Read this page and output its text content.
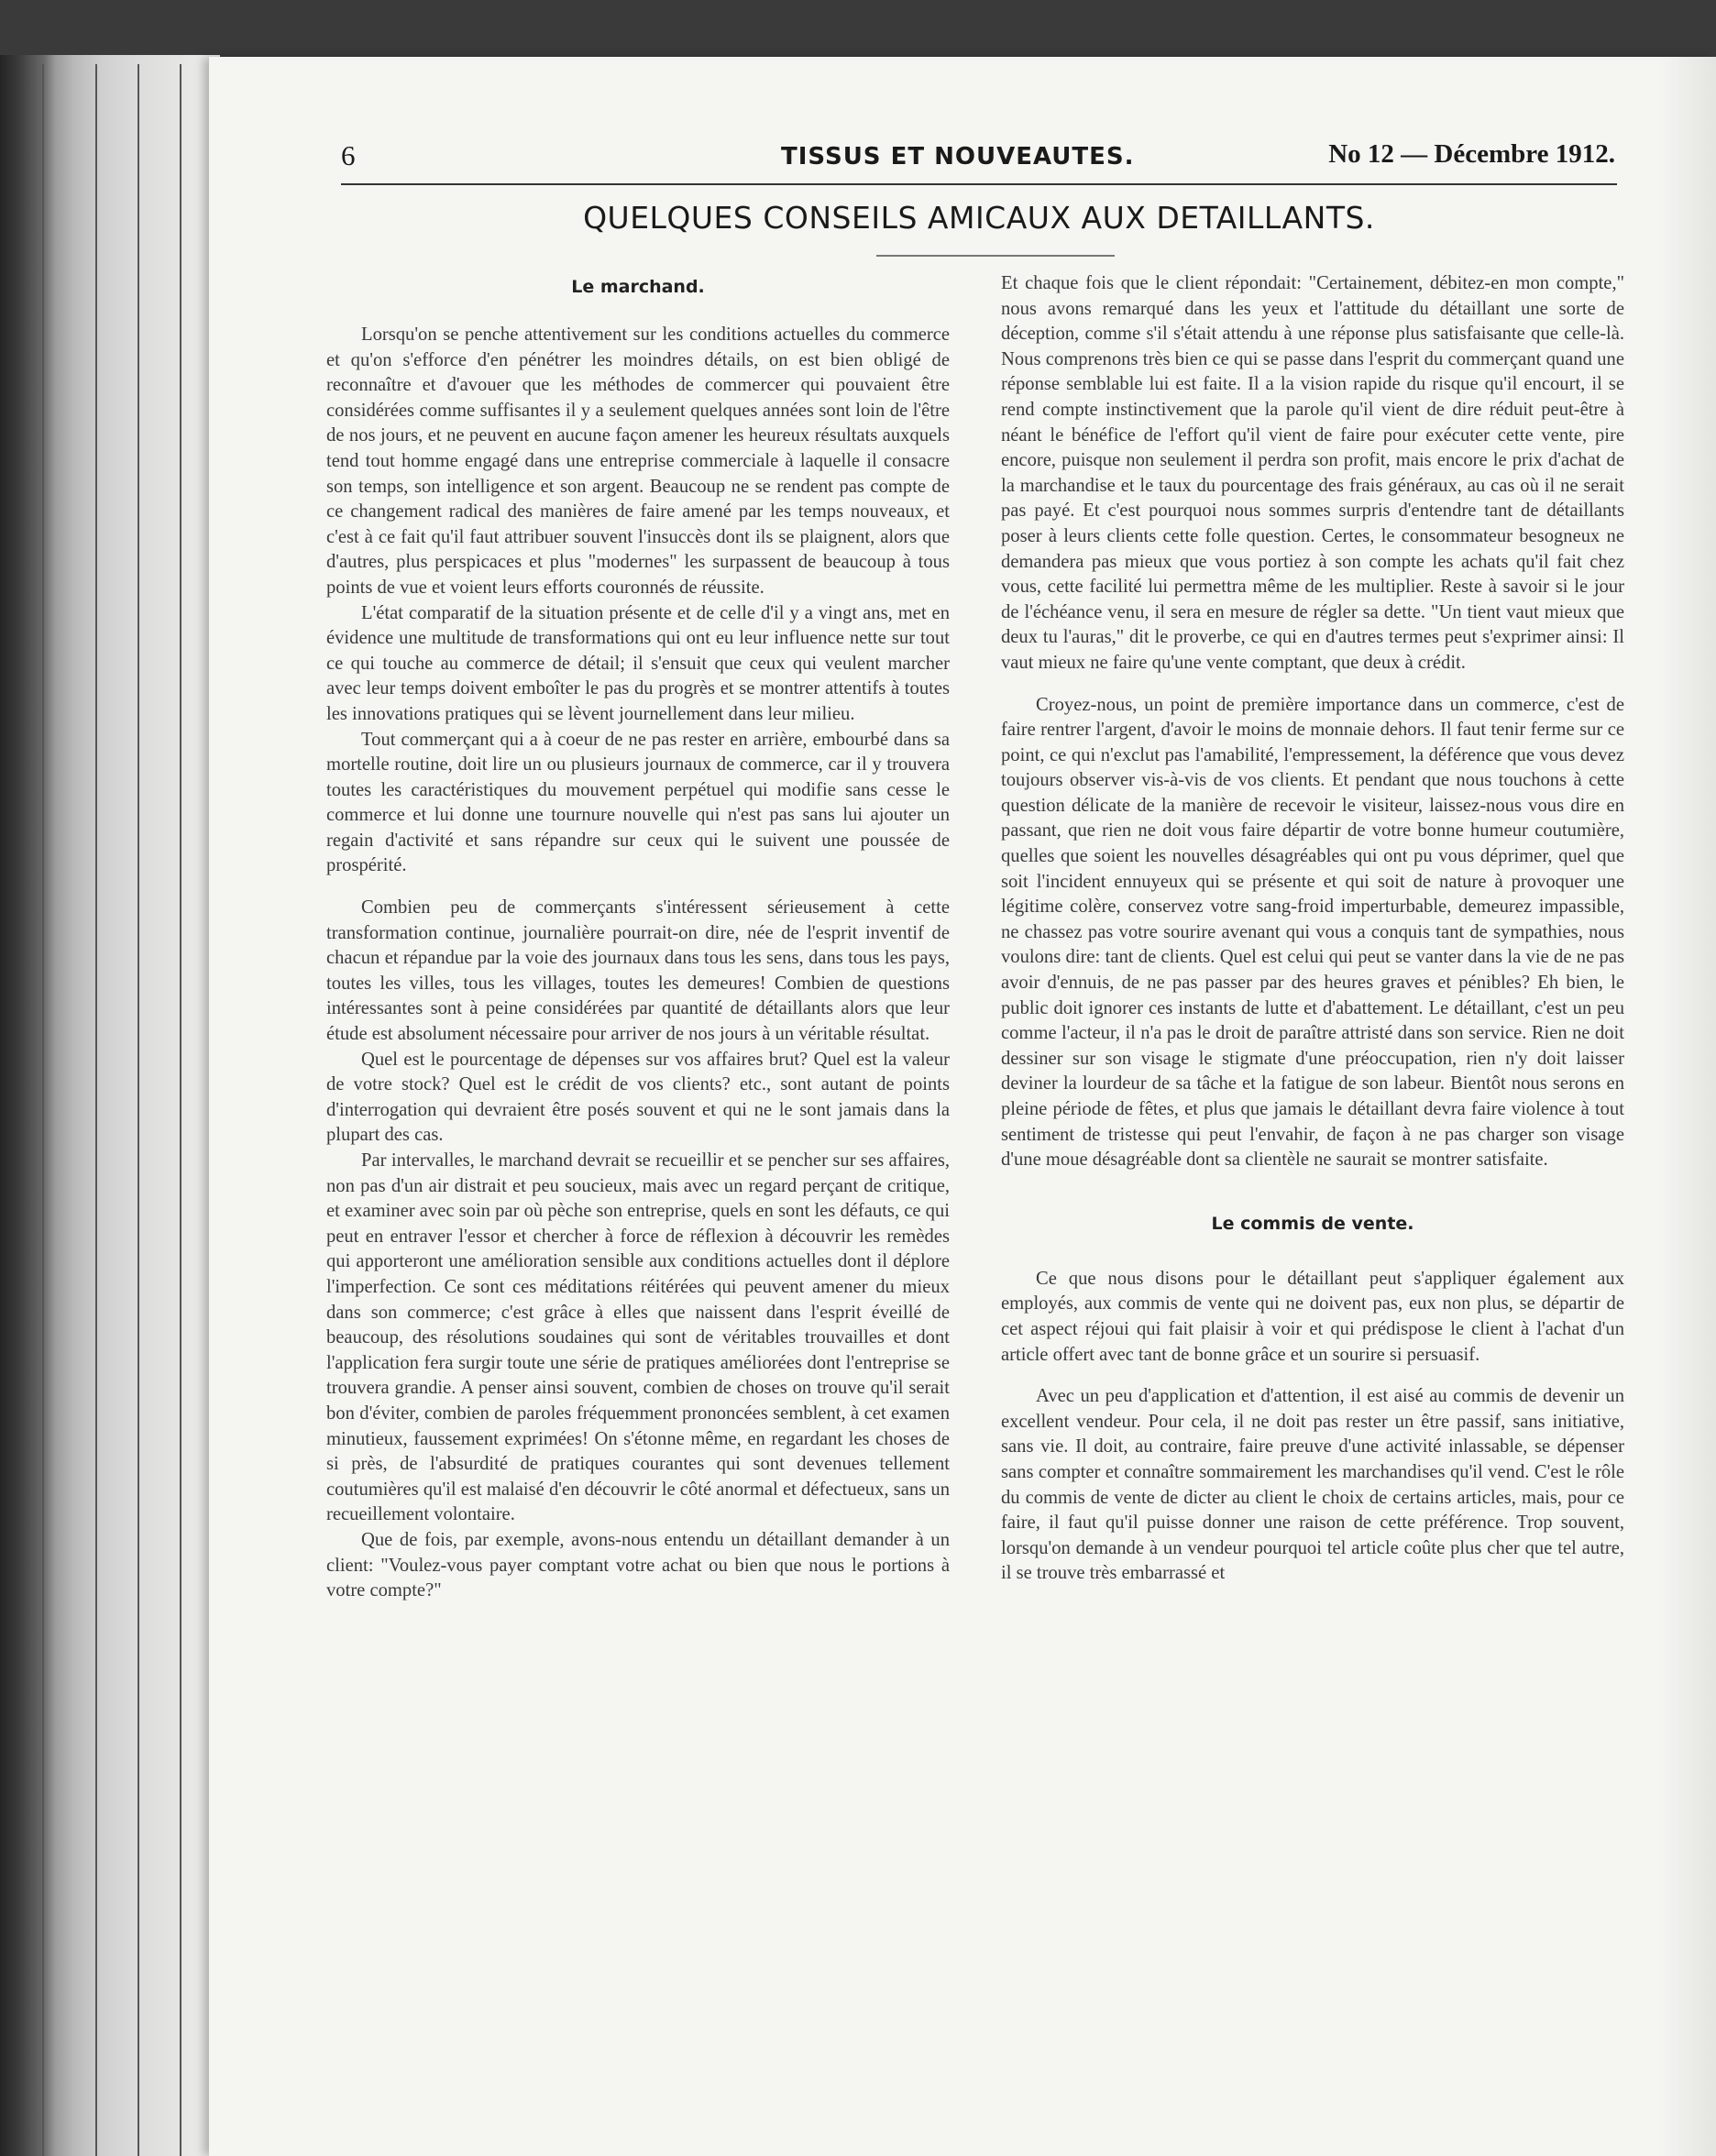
6	TISSUS ET NOUVEAUTES.	No 12 — Décembre 1912.
QUELQUES CONSEILS AMICAUX AUX DETAILLANTS.
Le marchand.

Lorsqu'on se penche attentivement sur les conditions actuelles du commerce et qu'on s'efforce d'en pénétrer les moindres détails, on est bien obligé de reconnaître et d'avouer que les méthodes de commercer qui pouvaient être considérées comme suffisantes il y a seulement quelques années sont loin de l'être de nos jours, et ne peuvent en aucune façon amener les heureux résultats auxquels tend tout homme engagé dans une entreprise commerciale à laquelle il consacre son temps, son intelligence et son argent. Beaucoup ne se rendent pas compte de ce changement radical des manières de faire amené par les temps nouveaux, et c'est à ce fait qu'il faut attribuer souvent l'insuccès dont ils se plaignent, alors que d'autres, plus perspicaces et plus "modernes" les surpassent de beaucoup à tous points de vue et voient leurs efforts couronnés de réussite.

L'état comparatif de la situation présente et de celle d'il y a vingt ans, met en évidence une multitude de transformations qui ont eu leur influence nette sur tout ce qui touche au commerce de détail; il s'ensuit que ceux qui veulent marcher avec leur temps doivent emboîter le pas du progrès et se montrer attentifs à toutes les innovations pratiques qui se lèvent journellement dans leur milieu.

Tout commerçant qui a à coeur de ne pas rester en arrière, embourbé dans sa mortelle routine, doit lire un ou plusieurs journaux de commerce, car il y trouvera toutes les caractéristiques du mouvement perpétuel qui modifie sans cesse le commerce et lui donne une tournure nouvelle qui n'est pas sans lui ajouter un regain d'activité et sans répandre sur ceux qui le suivent une poussée de prospérité.

Combien peu de commerçants s'intéressent sérieusement à cette transformation continue, journalière pourrait-on dire, née de l'esprit inventif de chacun et répandue par la voie des journaux dans tous les sens, dans tous les pays, toutes les villes, tous les villages, toutes les demeures! Combien de questions intéressantes sont à peine considérées par quantité de détaillants alors que leur étude est absolument nécessaire pour arriver de nos jours à un véritable résultat.

Quel est le pourcentage de dépenses sur vos affaires brut? Quel est la valeur de votre stock? Quel est le crédit de vos clients? etc., sont autant de points d'interrogation qui devraient être posés souvent et qui ne le sont jamais dans la plupart des cas.

Par intervalles, le marchand devrait se recueillir et se pencher sur ses affaires, non pas d'un air distrait et peu soucieux, mais avec un regard perçant de critique, et examiner avec soin par où pèche son entreprise, quels en sont les défauts, ce qui peut en entraver l'essor et chercher à force de réflexion à découvrir les remèdes qui apporteront une amélioration sensible aux conditions actuelles dont il déplore l'imperfection. Ce sont ces méditations réitérées qui peuvent amener du mieux dans son commerce; c'est grâce à elles que naissent dans l'esprit éveillé de beaucoup, des résolutions soudaines qui sont de véritables trouvailles et dont l'application fera surgir toute une série de pratiques améliorées dont l'entreprise se trouvera grandie. A penser ainsi souvent, combien de choses on trouve qu'il serait bon d'éviter, combien de paroles fréquemment prononcées semblent, à cet examen minutieux, faussement exprimées! On s'étonne même, en regardant les choses de si près, de l'absurdité de pratiques courantes qui sont devenues tellement coutumières qu'il est malaisé d'en découvrir le côté anormal et défectueux, sans un recueillement volontaire.

Que de fois, par exemple, avons-nous entendu un détaillant demander à un client: "Voulez-vous payer comptant votre achat ou bien que nous le portions à votre compte?"

Et chaque fois que le client répondait: "Certainement, débitez-en mon compte," nous avons remarqué dans les yeux et l'attitude du détaillant une sorte de déception, comme s'il s'était attendu à une réponse plus satisfaisante que celle-là. Nous comprenons très bien ce qui se passe dans l'esprit du commerçant quand une réponse semblable lui est faite. Il a la vision rapide du risque qu'il encourt, il se rend compte instinctivement que la parole qu'il vient de dire réduit peut-être à néant le bénéfice de l'effort qu'il vient de faire pour exécuter cette vente, pire encore, puisque non seulement il perdra son profit, mais encore le prix d'achat de la marchandise et le taux du pourcentage des frais généraux, au cas où il ne serait pas payé. Et c'est pourquoi nous sommes surpris d'entendre tant de détaillants poser à leurs clients cette folle question. Certes, le consommateur besogneux ne demandera pas mieux que vous portiez à son compte les achats qu'il fait chez vous, cette facilité lui permettra même de les multiplier. Reste à savoir si le jour de l'échéance venu, il sera en mesure de régler sa dette. "Un tient vaut mieux que deux tu l'auras," dit le proverbe, ce qui en d'autres termes peut s'exprimer ainsi: Il vaut mieux ne faire qu'une vente comptant, que deux à crédit.

Croyez-nous, un point de première importance dans un commerce, c'est de faire rentrer l'argent, d'avoir le moins de monnaie dehors. Il faut tenir ferme sur ce point, ce qui n'exclut pas l'amabilité, l'empressement, la déférence que vous devez toujours observer vis-à-vis de vos clients. Et pendant que nous touchons à cette question délicate de la manière de recevoir le visiteur, laissez-nous vous dire en passant, que rien ne doit vous faire départir de votre bonne humeur coutumière, quelles que soient les nouvelles désagréables qui ont pu vous déprimer, quel que soit l'incident ennuyeux qui se présente et qui soit de nature à provoquer une légitime colère, conservez votre sang-froid imperturbable, demeurez impassible, ne chassez pas votre sourire avenant qui vous a conquis tant de sympathies, nous voulons dire: tant de clients. Quel est celui qui peut se vanter dans la vie de ne pas avoir d'ennuis, de ne pas passer par des heures graves et pénibles? Eh bien, le public doit ignorer ces instants de lutte et d'abattement. Le détaillant, c'est un peu comme l'acteur, il n'a pas le droit de paraître attristé dans son service. Rien ne doit dessiner sur son visage le stigmate d'une préoccupation, rien n'y doit laisser deviner la lourdeur de sa tâche et la fatigue de son labeur. Bientôt nous serons en pleine période de fêtes, et plus que jamais le détaillant devra faire violence à tout sentiment de tristesse qui peut l'envahir, de façon à ne pas charger son visage d'une moue désagréable dont sa clientèle ne saurait se montrer satisfaite.

Le commis de vente.

Ce que nous disons pour le détaillant peut s'appliquer également aux employés, aux commis de vente qui ne doivent pas, eux non plus, se départir de cet aspect réjoui qui fait plaisir à voir et qui prédispose le client à l'achat d'un article offert avec tant de bonne grâce et un sourire si persuasif.

Avec un peu d'application et d'attention, il est aisé au commis de devenir un excellent vendeur. Pour cela, il ne doit pas rester un être passif, sans initiative, sans vie. Il doit, au contraire, faire preuve d'une activité inlassable, se dépenser sans compter et connaître sommairement les marchandises qu'il vend. C'est le rôle du commis de vente de dicter au client le choix de certains articles, mais, pour ce faire, il faut qu'il puisse donner une raison de cette préférence. Trop souvent, lorsqu'on demande à un vendeur pourquoi tel article coûte plus cher que tel autre, il se trouve très embarrassé et
